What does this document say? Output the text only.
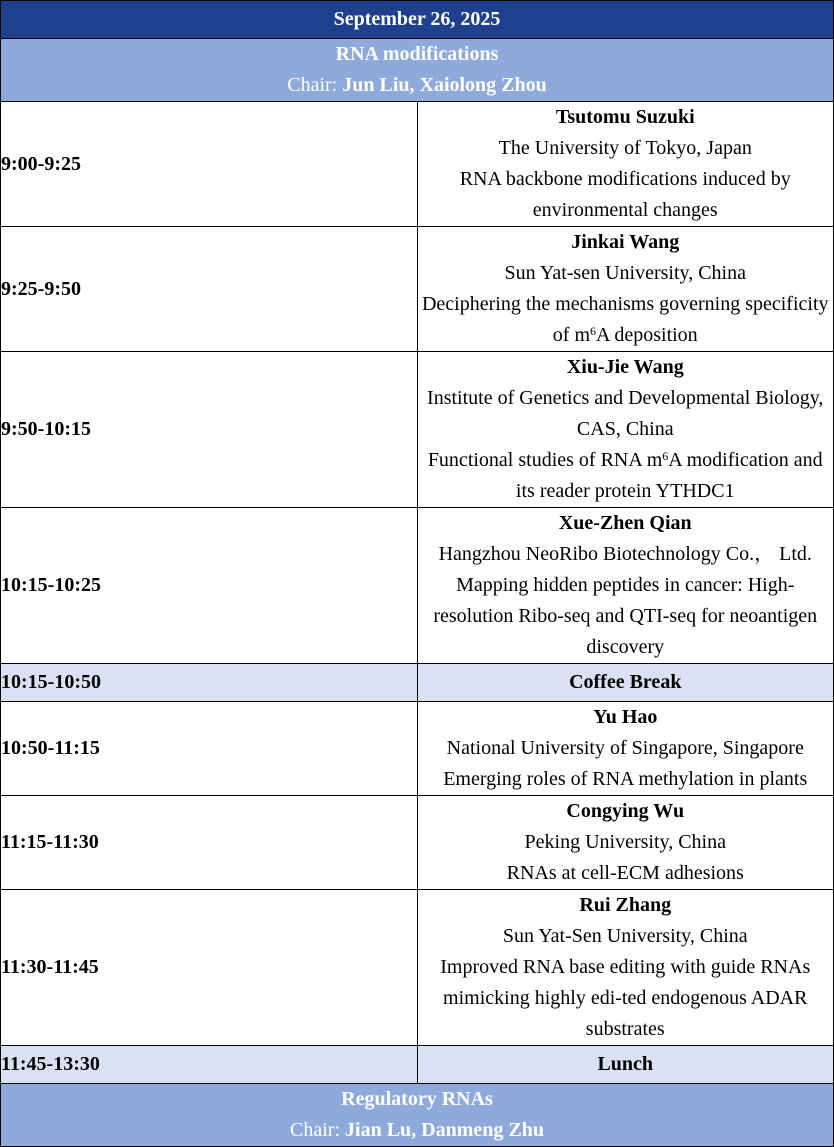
September 26, 2025	

RNA modifications
Chair: Jun Liu, Xaiolong Zhou	
9:00-9:25	Tsutomu Suzuki
The University of Tokyo, Japan
RNA backbone modifications induced by environmental changes

9:25-9:50	Jinkai Wang
Sun Yat-sen University, China
Deciphering the mechanisms governing specificity of $m^6A$ deposition

9:50-10:15	Xiu-Jie Wang
Institute of Genetics and Developmental Biology, CAS, China
Functional studies of RNA $m^6A$ modification and its reader protein YTHDC1

10:15-10:25	Xue-Zhen Qian
Hangzhou NeoRibo Biotechnology Co.， Ltd.
Mapping hidden peptides in cancer: High-resolution Ribo-seq and QTI-seq for neoantigen discovery

10:15-10:50	Coffee Break
10:50-11:15	Yu Hao
National University of Singapore, Singapore
Emerging roles of RNA methylation in plants

11:15-11:30	Congying Wu
Peking University, China
RNAs at cell-ECM adhesions

11:30-11:45	Rui Zhang
Sun Yat-Sen University, China
Improved RNA base editing with guide RNAs mimicking highly edi-ted endogenous ADAR substrates

11:45-13:30	Lunch

Regulatory RNAs
Chair: Jian Lu, Danmeng Zhu	
